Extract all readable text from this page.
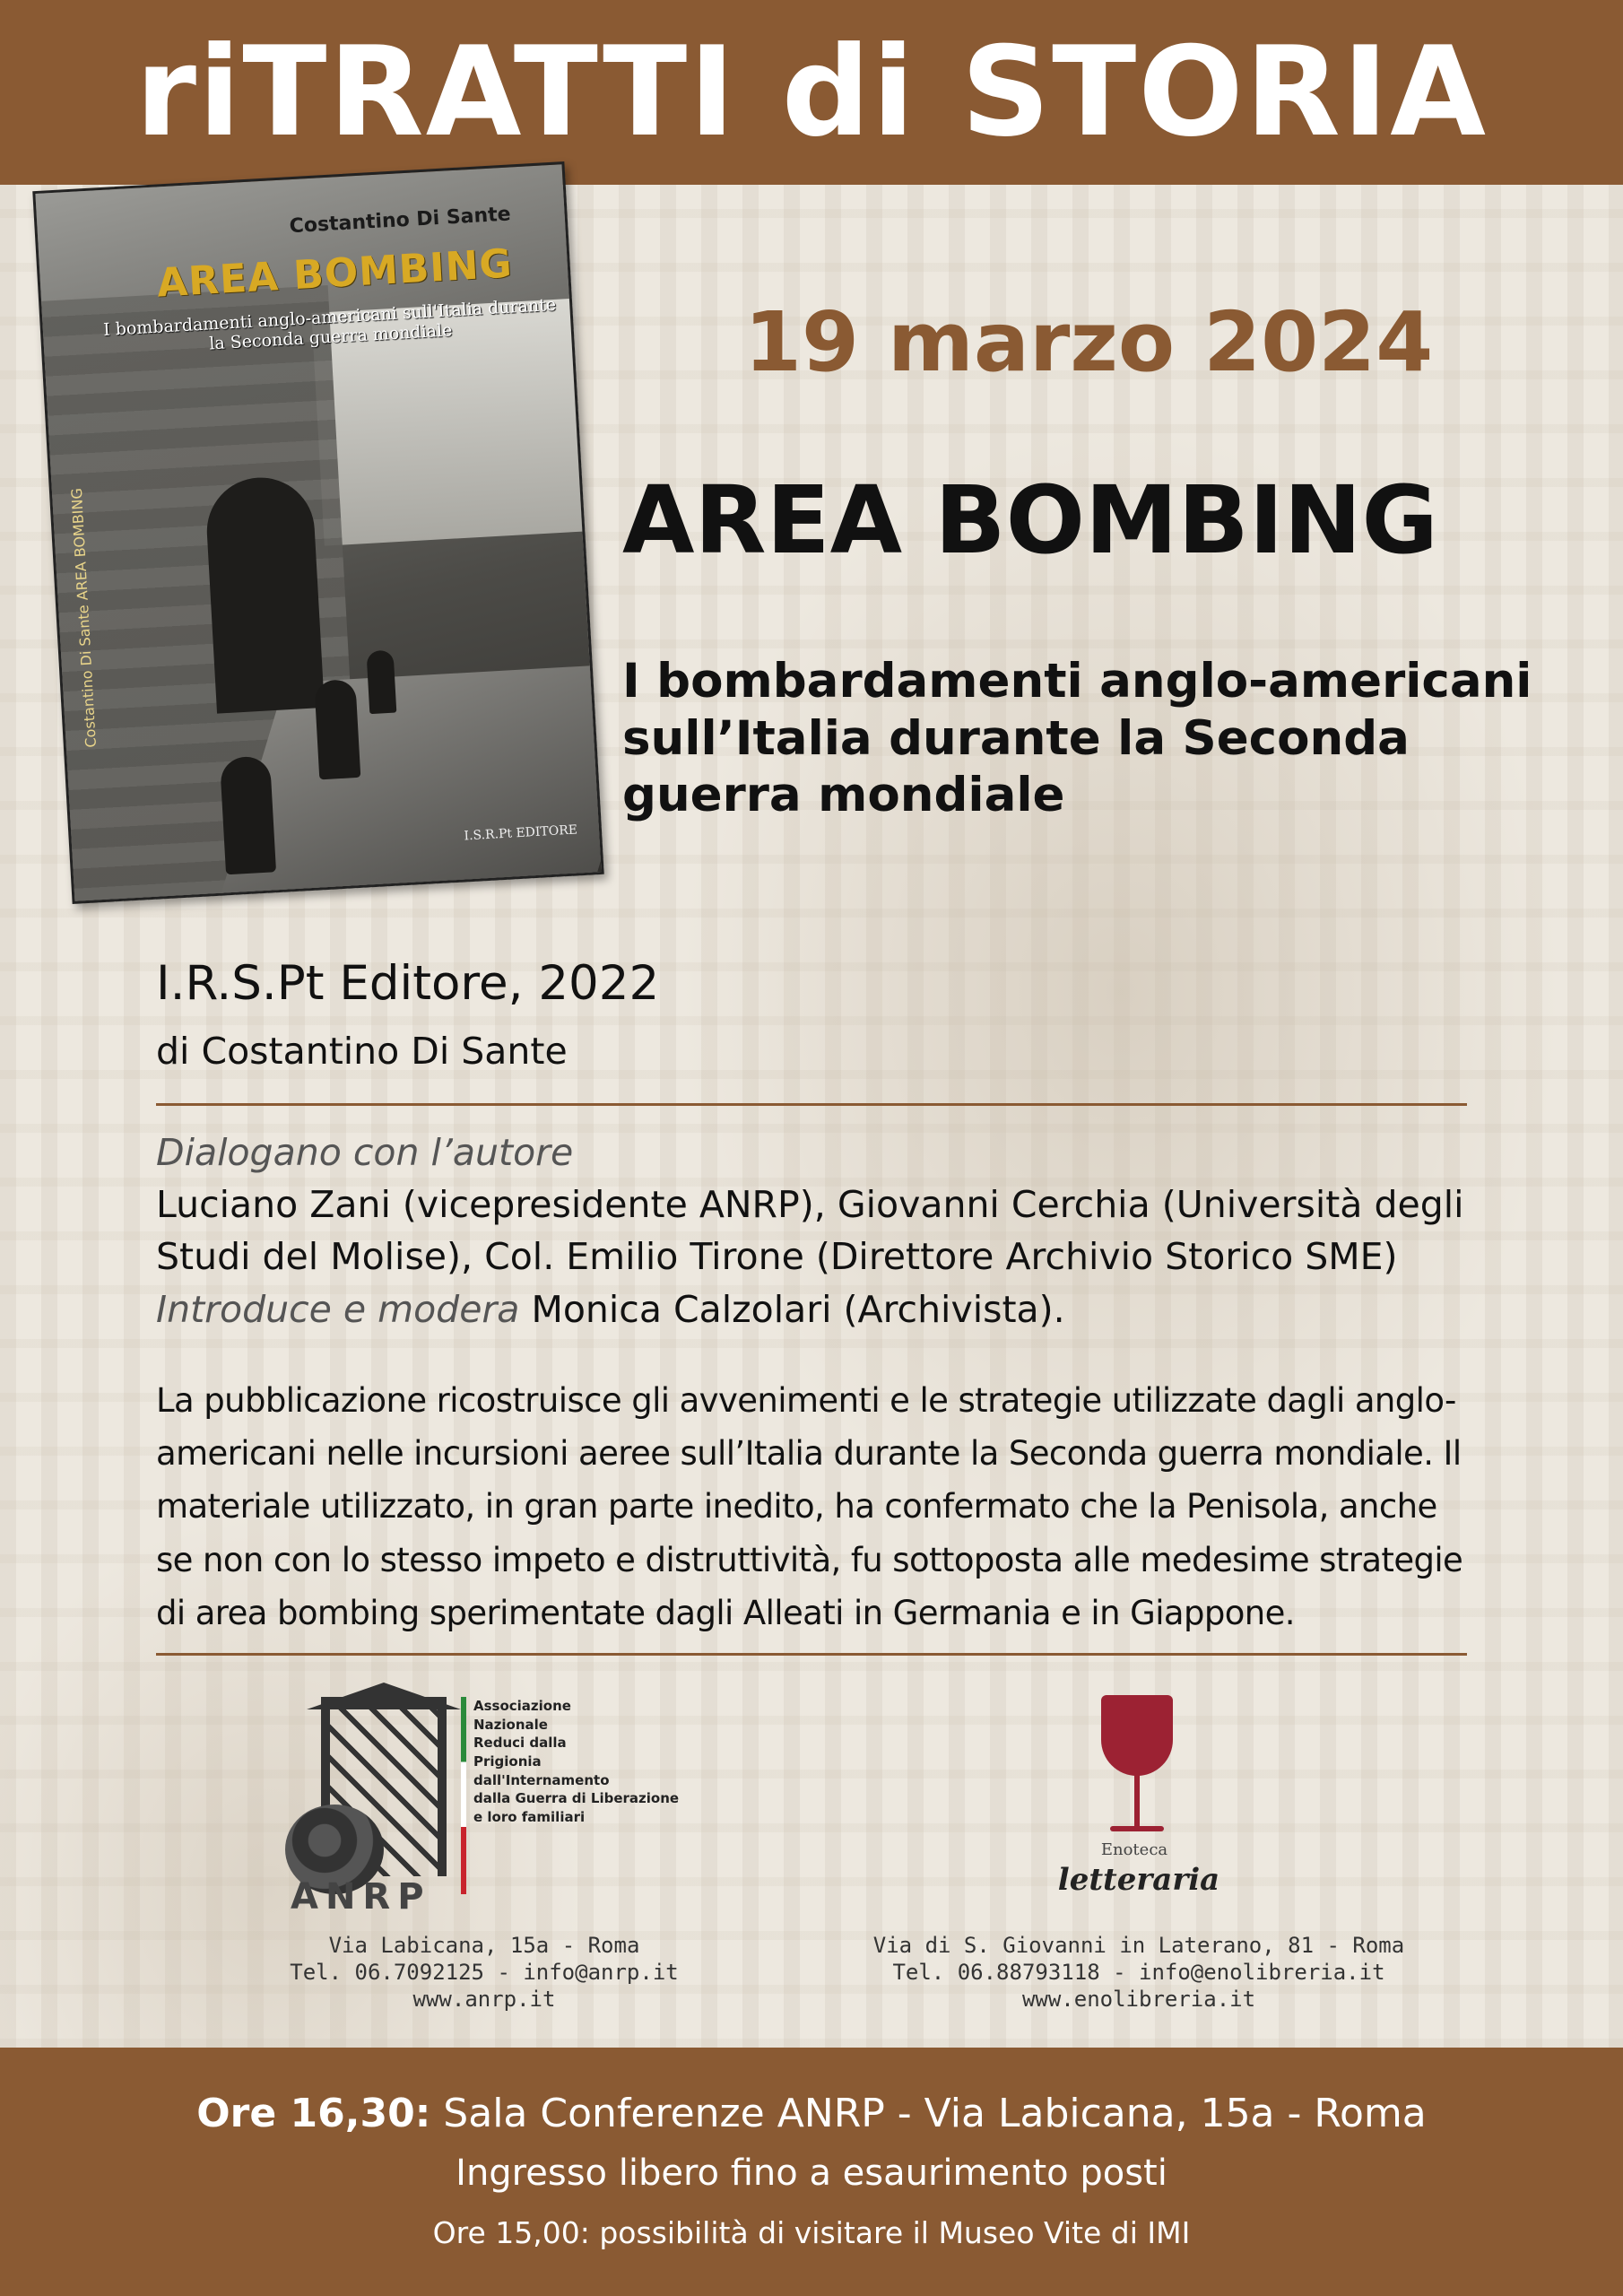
riTRATTI di STORIA
Costantino Di Sante
AREA BOMBING
I bombardamenti anglo-americani sull'Italia durante la Seconda guerra mondiale
Costantino Di Sante AREA BOMBING
I.S.R.Pt EDITORE
19 marzo 2024
AREA BOMBING
I bombardamenti anglo-americani sull’Italia durante la Seconda guerra mondiale
I.R.S.Pt Editore, 2022
di Costantino Di Sante
Dialogano con l’autore
Luciano Zani (vicepresidente ANRP), Giovanni Cerchia (Università degli Studi del Molise), Col. Emilio Tirone (Direttore Archivio Storico SME)
Introduce e modera Monica Calzolari (Archivista).
La pubblicazione ricostruisce gli avvenimenti e le strategie utilizzate dagli anglo-americani nelle incursioni aeree sull’Italia durante la Seconda guerra mondiale. Il materiale utilizzato, in gran parte inedito, ha confermato che la Penisola, anche se non con lo stesso impeto e distruttività, fu sottoposta alle medesime strategie di area bombing sperimentate dagli Alleati in Germania e in Giappone.
ANRP
Associazione
Nazionale
Reduci dalla
Prigionia
dall'Internamento
dalla Guerra di Liberazione
e loro familiari
Via Labicana, 15a - Roma
Tel. 06.7092125 - info@anrp.it
www.anrp.it
Enoteca
letteraria
Via di S. Giovanni in Laterano, 81 - Roma
Tel. 06.88793118 - info@enolibreria.it
www.enolibreria.it
Ore 16,30: Sala Conferenze ANRP - Via Labicana, 15a - Roma
Ingresso libero fino a esaurimento posti
Ore 15,00: possibilità di visitare il Museo Vite di IMI
